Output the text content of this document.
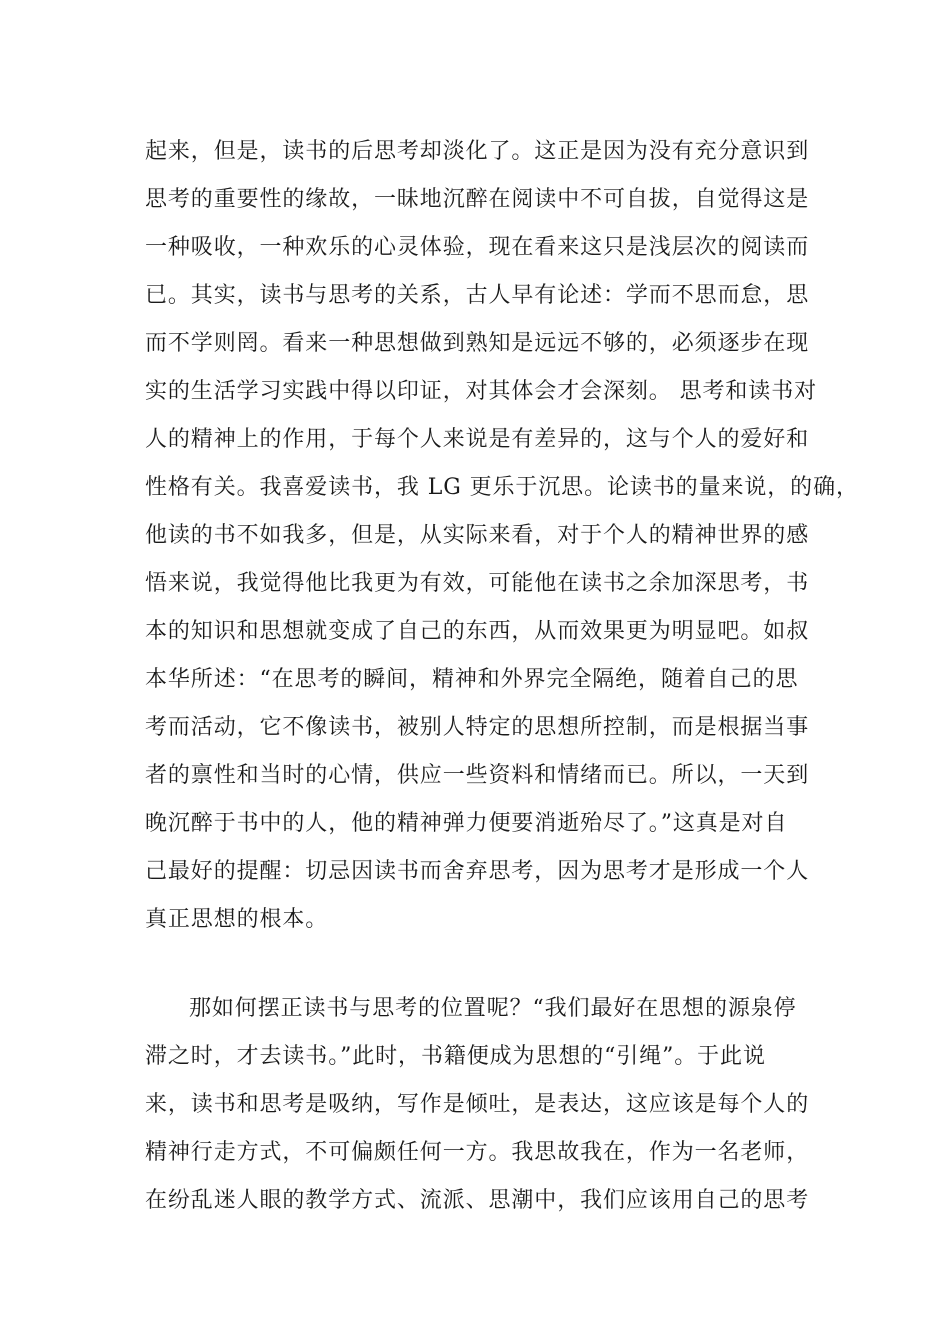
起来，但是，读书的后思考却淡化了。这正是因为没有充分意识到
思考的重要性的缘故，一昧地沉醉在阅读中不可自拔，自觉得这是
一种吸收，一种欢乐的心灵体验，现在看来这只是浅层次的阅读而
已。其实，读书与思考的关系，古人早有论述：学而不思而怠，思
而不学则罔。看来一种思想做到熟知是远远不够的，必须逐步在现
实的生活学习实践中得以印证，对其体会才会深刻。 思考和读书对
人的精神上的作用，于每个人来说是有差异的，这与个人的爱好和
性格有关。我喜爱读书，我 LG 更乐于沉思。论读书的量来说，的确，
他读的书不如我多，但是，从实际来看，对于个人的精神世界的感
悟来说，我觉得他比我更为有效，可能他在读书之余加深思考，书
本的知识和思想就变成了自己的东西，从而效果更为明显吧。如叔
本华所述：“在思考的瞬间，精神和外界完全隔绝，随着自己的思
考而活动，它不像读书，被别人特定的思想所控制，而是根据当事
者的禀性和当时的心情，供应一些资料和情绪而已。所以，一天到
晚沉醉于书中的人，他的精神弹力便要消逝殆尽了。”这真是对自
己最好的提醒：切忌因读书而舍弃思考，因为思考才是形成一个人
真正思想的根本。
那如何摆正读书与思考的位置呢？“我们最好在思想的源泉停
滞之时，才去读书。”此时，书籍便成为思想的“引绳”。于此说
来，读书和思考是吸纳，写作是倾吐，是表达，这应该是每个人的
精神行走方式，不可偏颇任何一方。我思故我在，作为一名老师，
在纷乱迷人眼的教学方式、流派、思潮中，我们应该用自己的思考
